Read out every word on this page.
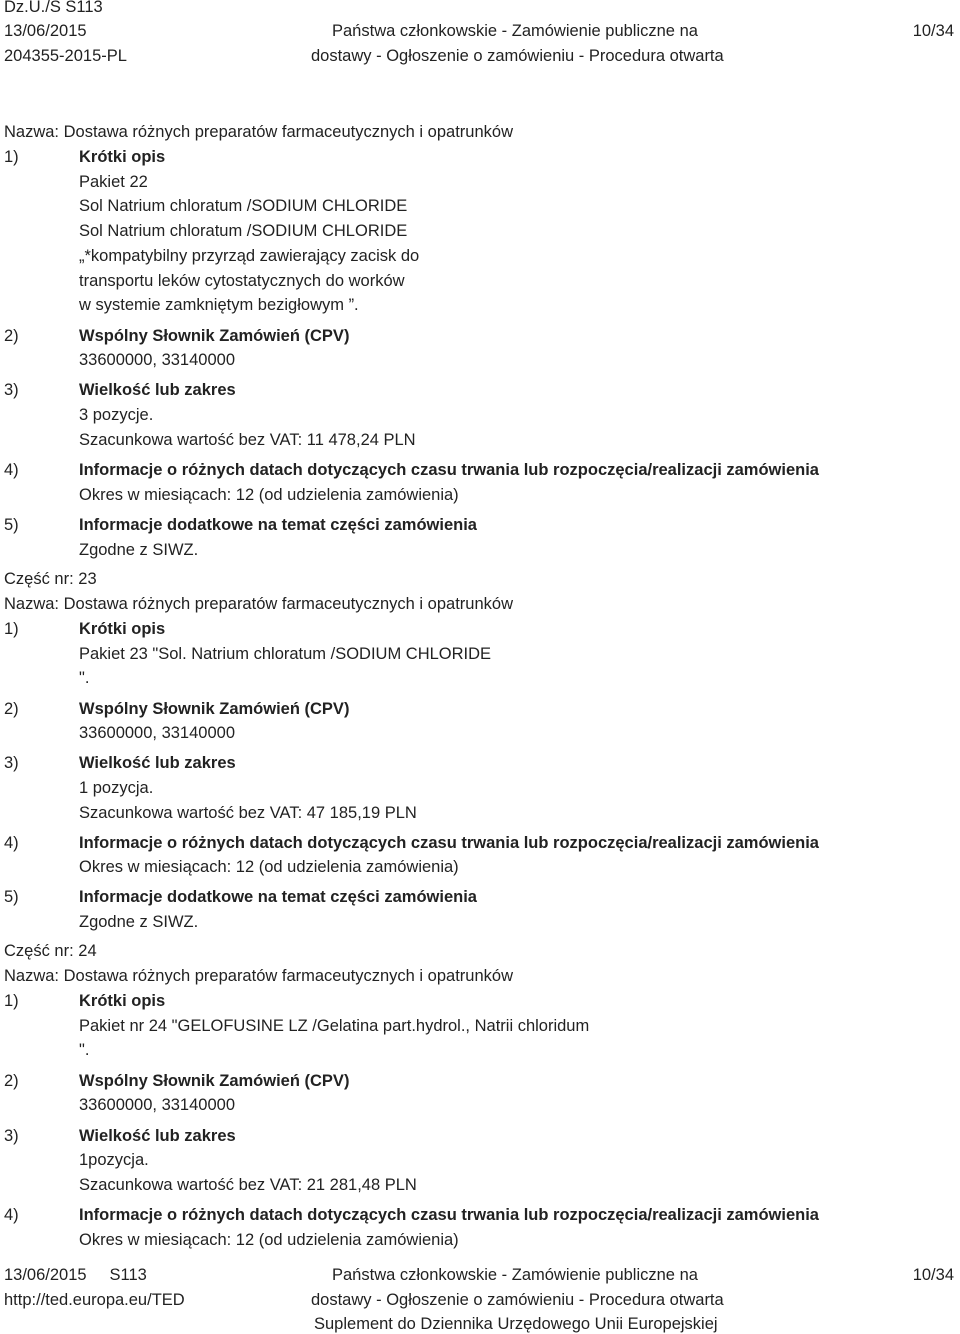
Dz.U./S S113
13/06/2015
204355-2015-PL
Państwa członkowskie - Zamówienie publiczne na
dostawy - Ogłoszenie o zamówieniu - Procedura otwarta
10/34
Nazwa: Dostawa różnych preparatów farmaceutycznych i opatrunków
1)	Krótki opis
Pakiet 22
Sol Natrium chloratum /SODIUM CHLORIDE
Sol Natrium chloratum /SODIUM CHLORIDE
„*kompatybilny przyrząd zawierający zacisk do
transportu leków cytostatycznych do worków
w systemie zamkniętym bezigłowym ”.
2)	Wspólny Słownik Zamówień (CPV)
33600000, 33140000
3)	Wielkość lub zakres
3 pozycje.
Szacunkowa wartość bez VAT: 11 478,24 PLN
4)	Informacje o różnych datach dotyczących czasu trwania lub rozpoczęcia/realizacji zamówienia
Okres w miesiącach: 12 (od udzielenia zamówienia)
5)	Informacje dodatkowe na temat części zamówienia
Zgodne z SIWZ.
Część nr: 23
Nazwa: Dostawa różnych preparatów farmaceutycznych i opatrunków
1)	Krótki opis
Pakiet 23 "Sol. Natrium chloratum /SODIUM CHLORIDE
".
2)	Wspólny Słownik Zamówień (CPV)
33600000, 33140000
3)	Wielkość lub zakres
1 pozycja.
Szacunkowa wartość bez VAT: 47 185,19 PLN
4)	Informacje o różnych datach dotyczących czasu trwania lub rozpoczęcia/realizacji zamówienia
Okres w miesiącach: 12 (od udzielenia zamówienia)
5)	Informacje dodatkowe na temat części zamówienia
Zgodne z SIWZ.
Część nr: 24
Nazwa: Dostawa różnych preparatów farmaceutycznych i opatrunków
1)	Krótki opis
Pakiet nr 24 "GELOFUSINE LZ /Gelatina part.hydrol., Natrii chloridum
".
2)	Wspólny Słownik Zamówień (CPV)
33600000, 33140000
3)	Wielkość lub zakres
1pozycja.
Szacunkowa wartość bez VAT: 21 281,48 PLN
4)	Informacje o różnych datach dotyczących czasu trwania lub rozpoczęcia/realizacji zamówienia
Okres w miesiącach: 12 (od udzielenia zamówienia)
13/06/2015     S113
http://ted.europa.eu/TED
Państwa członkowskie - Zamówienie publiczne na
dostawy - Ogłoszenie o zamówieniu - Procedura otwarta
Suplement do Dziennika Urzędowego Unii Europejskiej
10/34
